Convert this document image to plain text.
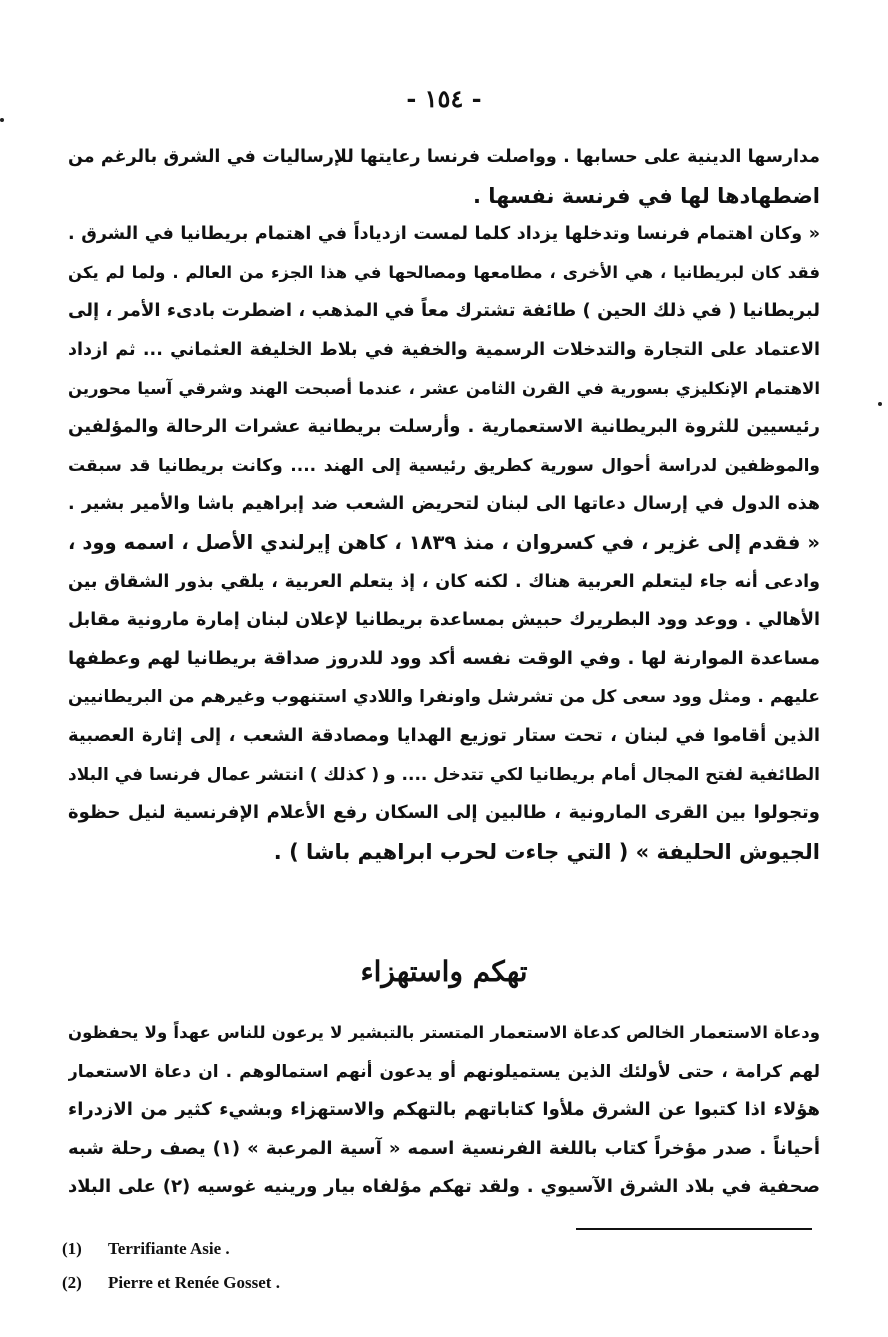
- ١٥٤ -
مدارسها الدينية على حسابها . وواصلت فرنسا رعايتها للإرساليات في الشرق بالرغم من
اضطهادها لها في فرنسة نفسها .
« وكان اهتمام فرنسا وتدخلها يزداد كلما لمست ازدياداً في اهتمام بريطانيا في الشرق .
فقد كان لبريطانيا ، هي الأخرى ، مطامعها ومصالحها في هذا الجزء من العالم . ولما لم يكن
لبريطانيا ( في ذلك الحين ) طائفة تشترك معاً في المذهب ، اضطرت بادىء الأمر ، إلى
الاعتماد على التجارة والتدخلات الرسمية والخفية في بلاط الخليفة العثماني ... ثم ازداد
الاهتمام الإنكليزي بسورية في القرن الثامن عشر ، عندما أصبحت الهند وشرقي آسيا محورين
رئيسيين للثروة البريطانية الاستعمارية . وأرسلت بريطانية عشرات الرحالة والمؤلفين
والموظفين لدراسة أحوال سورية كطريق رئيسية إلى الهند .... وكانت بريطانيا قد سبقت
هذه الدول في إرسال دعاتها الى لبنان لتحريض الشعب ضد إبراهيم باشا والأمير بشير .
« فقدم إلى غزير ، في كسروان ، منذ ١٨٣٩ ، كاهن إيرلندي الأصل ، اسمه وود ،
وادعى أنه جاء ليتعلم العربية هناك . لكنه كان ، إذ يتعلم العربية ، يلقي بذور الشقاق بين
الأهالي . ووعد وود البطريرك حبيش بمساعدة بريطانيا لإعلان لبنان إمارة مارونية مقابل
مساعدة الموارنة لها . وفي الوقت نفسه أكد وود للدروز صداقة بريطانيا لهم وعطفها
عليهم . ومثل وود سعى كل من تشرشل واونفرا واللادي استنهوب وغيرهم من البريطانيين
الذين أقاموا في لبنان ، تحت ستار توزيع الهدايا ومصادقة الشعب ، إلى إثارة العصبية
الطائفية لفتح المجال أمام بريطانيا لكي تتدخل .... و ( كذلك ) انتشر عمال فرنسا في البلاد
وتجولوا بين القرى المارونية ، طالبين إلى السكان رفع الأعلام الإفرنسية لنيل حظوة
الجيوش الحليفة » ( التي جاءت لحرب ابراهيم باشا ) .
تهكم واستهزاء
ودعاة الاستعمار الخالص كدعاة الاستعمار المتستر بالتبشير لا يرعون للناس عهداً ولا يحفظون
لهم كرامة ، حتى لأولئك الذين يستميلونهم أو يدعون أنهم استمالوهم . ان دعاة الاستعمار
هؤلاء اذا كتبوا عن الشرق ملأوا كتاباتهم بالتهكم والاستهزاء وبشيء كثير من الازدراء
أحياناً . صدر مؤخراً كتاب باللغة الفرنسية اسمه « آسية المرعبة » (١) يصف رحلة شبه
صحفية في بلاد الشرق الآسيوي . ولقد تهكم مؤلفاه بيار ورينيه غوسيه (٢) على البلاد
(1) Terrifiante Asie .
(2) Pierre et Renée Gosset .
